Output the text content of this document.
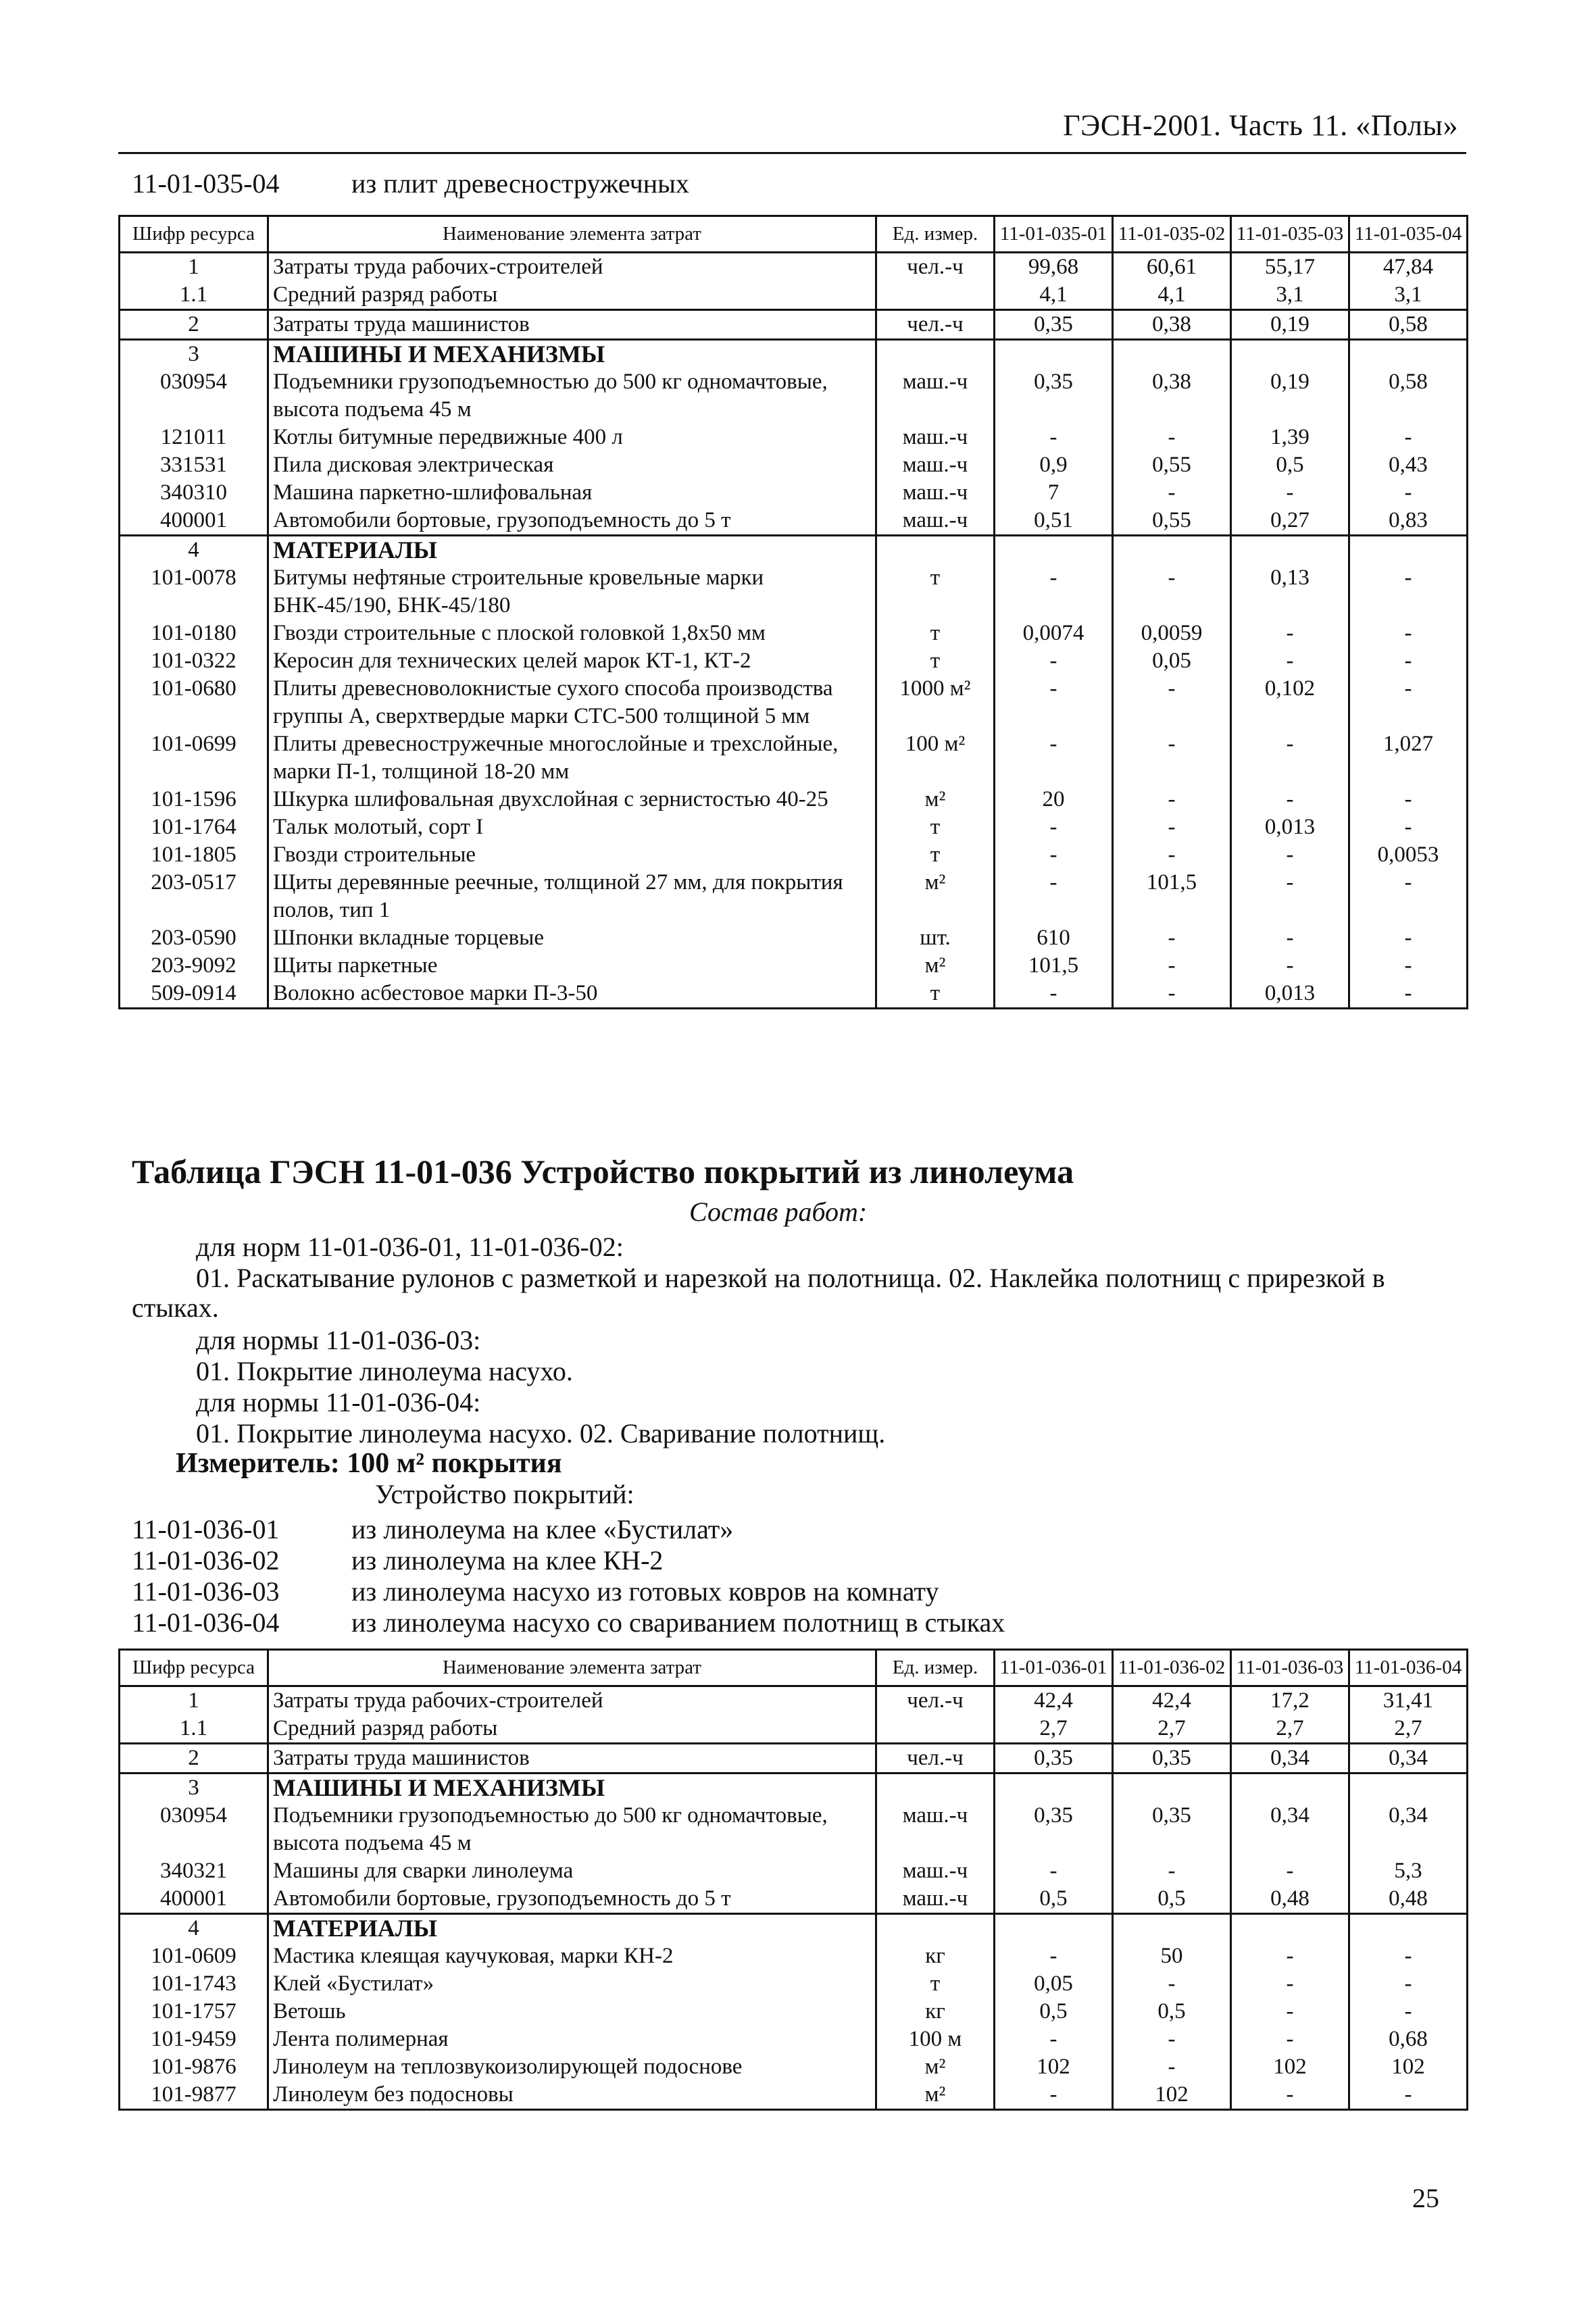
ГЭСН-2001. Часть 11. «Полы»
11-01-035-04	из плит древесностружечных
Шифр ресурса	Наименование элемента затрат	Ед. измер.	11-01-035-01	11-01-035-02	11-01-035-03	11-01-035-04
1	Затраты труда рабочих-строителей	чел.-ч	99,68	60,61	55,17	47,84
1.1	Средний разряд работы		4,1	4,1	3,1	3,1
2	Затраты труда машинистов	чел.-ч	0,35	0,38	0,19	0,58
3	МАШИНЫ И МЕХАНИЗМЫ					
030954	Подъемники грузоподъемностью до 500 кг одномачтовые, высота подъема 45 м	маш.-ч	0,35	0,38	0,19	0,58
121011	Котлы битумные передвижные 400 л	маш.-ч	-	-	1,39	-
331531	Пила дисковая электрическая	маш.-ч	0,9	0,55	0,5	0,43
340310	Машина паркетно-шлифовальная	маш.-ч	7	-	-	-
400001	Автомобили бортовые, грузоподъемность до 5 т	маш.-ч	0,51	0,55	0,27	0,83
4	МАТЕРИАЛЫ					
101-0078	Битумы нефтяные строительные кровельные марки БНК-45/190, БНК-45/180	т	-	-	0,13	-
101-0180	Гвозди строительные с плоской головкой 1,8х50 мм	т	0,0074	0,0059	-	-
101-0322	Керосин для технических целей марок КТ-1, КТ-2	т	-	0,05	-	-
101-0680	Плиты древесноволокнистые сухого способа производства группы А, сверхтвердые марки СТС-500 толщиной 5 мм	1000 м²	-	-	0,102	-
101-0699	Плиты древесностружечные многослойные и трехслойные, марки П-1, толщиной 18-20 мм	100 м²	-	-	-	1,027
101-1596	Шкурка шлифовальная двухслойная с зернистостью 40-25	м²	20	-	-	-
101-1764	Тальк молотый, сорт I	т	-	-	0,013	-
101-1805	Гвозди строительные	т	-	-	-	0,0053
203-0517	Щиты деревянные реечные, толщиной 27 мм, для покрытия полов, тип 1	м²	-	101,5	-	-
203-0590	Шпонки вкладные торцевые	шт.	610	-	-	-
203-9092	Щиты паркетные	м²	101,5	-	-	-
509-0914	Волокно асбестовое марки П-3-50	т	-	-	0,013	-
Таблица ГЭСН 11-01-036 Устройство покрытий из линолеума
Состав работ:
для норм 11-01-036-01, 11-01-036-02:
01. Раскатывание рулонов с разметкой и нарезкой на полотнища. 02. Наклейка полотнищ с прирезкой в
стыках.
для нормы 11-01-036-03:
01. Покрытие линолеума насухо.
для нормы 11-01-036-04:
01. Покрытие линолеума насухо. 02. Сваривание полотнищ.
Измеритель: 100 м² покрытия
Устройство покрытий:
11-01-036-01	из линолеума на клее «Бустилат»
11-01-036-02	из линолеума на клее КН-2
11-01-036-03	из линолеума насухо из готовых ковров на комнату
11-01-036-04	из линолеума насухо со свариванием полотнищ в стыках
Шифр ресурса	Наименование элемента затрат	Ед. измер.	11-01-036-01	11-01-036-02	11-01-036-03	11-01-036-04
1	Затраты труда рабочих-строителей	чел.-ч	42,4	42,4	17,2	31,41
1.1	Средний разряд работы		2,7	2,7	2,7	2,7
2	Затраты труда машинистов	чел.-ч	0,35	0,35	0,34	0,34
3	МАШИНЫ И МЕХАНИЗМЫ					
030954	Подъемники грузоподъемностью до 500 кг одномачтовые, высота подъема 45 м	маш.-ч	0,35	0,35	0,34	0,34
340321	Машины для сварки линолеума	маш.-ч	-	-	-	5,3
400001	Автомобили бортовые, грузоподъемность до 5 т	маш.-ч	0,5	0,5	0,48	0,48
4	МАТЕРИАЛЫ					
101-0609	Мастика клеящая каучуковая, марки КН-2	кг	-	50	-	-
101-1743	Клей «Бустилат»	т	0,05	-	-	-
101-1757	Ветошь	кг	0,5	0,5	-	-
101-9459	Лента полимерная	100 м	-	-	-	0,68
101-9876	Линолеум на теплозвукоизолирующей подоснове	м²	102	-	102	102
101-9877	Линолеум без подосновы	м²	-	102	-	-
25
